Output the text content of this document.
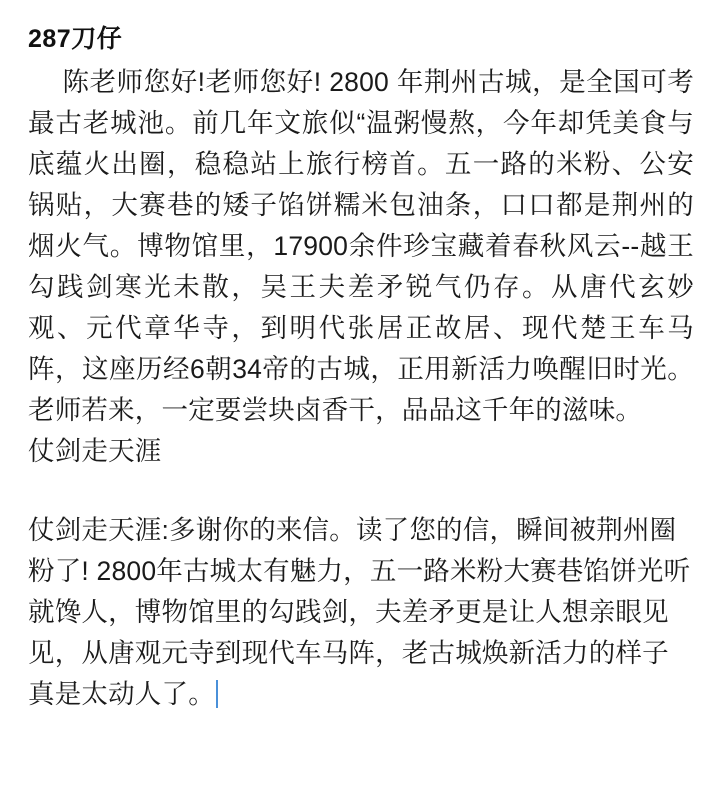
287刀仔

陈老师您好!老师您好! 2800 年荆州古城，是全国可考最古老城池。前几年文旅似“温粥慢熬，今年却凭美食与底蕴火出圈，稳稳站上旅行榜首。五一路的米粉、公安锅贴，大赛巷的矮子馅饼糯米包油条，口口都是荆州的烟火气。博物馆里，17900余件珍宝藏着春秋风云--越王勾践剑寒光未散，吴王夫差矛锐气仍存。从唐代玄妙观、元代章华寺，到明代张居正故居、现代楚王车马阵，这座历经6朝34帝的古城，正用新活力唤醒旧时光。老师若来，一定要尝块卤香干，品品这千年的滋味。

仗剑走天涯

仗剑走天涯:多谢你的来信。读了您的信，瞬间被荆州圈粉了! 2800年古城太有魅力，五一路米粉大赛巷馅饼光听就馋人，博物馆里的勾践剑，夫差矛更是让人想亲眼见见，从唐观元寺到现代车马阵，老古城焕新活力的样子真是太动人了。
